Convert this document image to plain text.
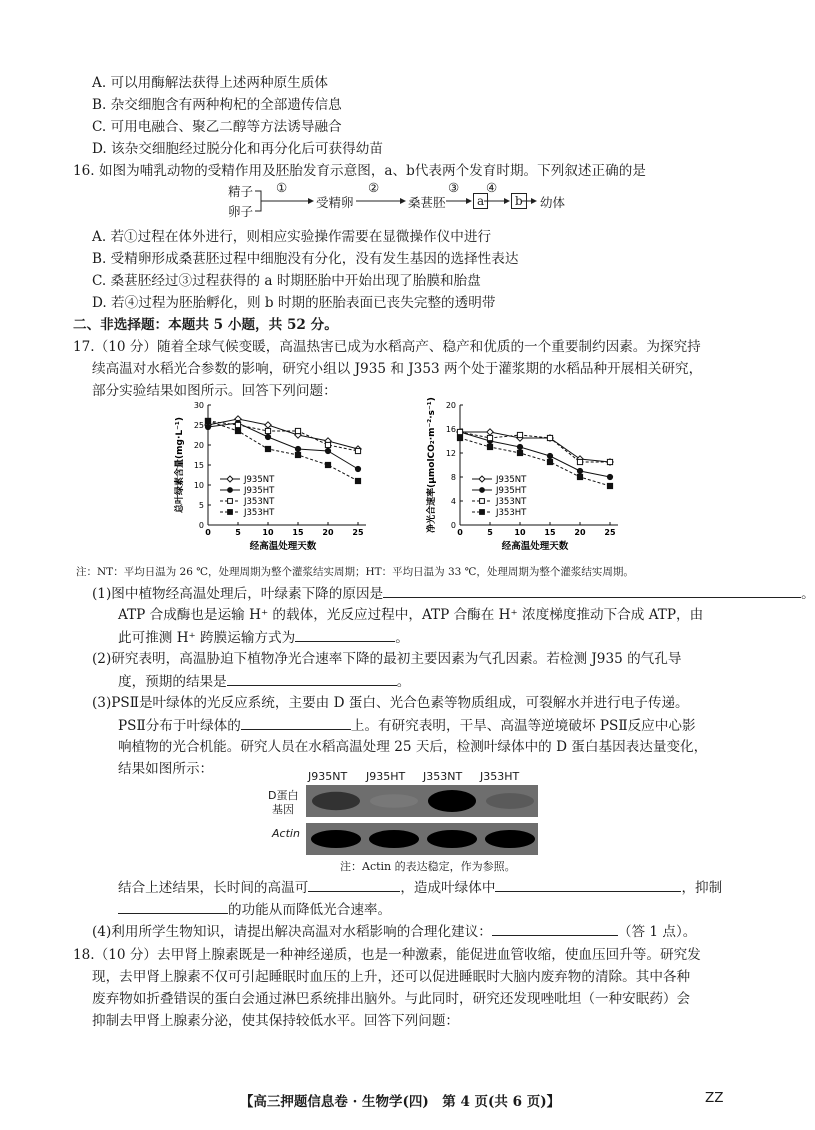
A. 可以用酶解法获得上述两种原生质体
B. 杂交细胞含有两种枸杞的全部遗传信息
C. 可用电融合、聚乙二醇等方法诱导融合
D. 该杂交细胞经过脱分化和再分化后可获得幼苗
16. 如图为哺乳动物的受精作用及胚胎发育示意图，a、b代表两个发育时期。下列叙述正确的是
精子
卵子
①
受精卵
②
桑葚胚
③
a
④
b	幼体
A. 若①过程在体外进行，则相应实验操作需要在显微操作仪中进行
B. 受精卵形成桑葚胚过程中细胞没有分化，没有发生基因的选择性表达
C. 桑葚胚经过③过程获得的 a 时期胚胎中开始出现了胎膜和胎盘
D. 若④过程为胚胎孵化，则 b 时期的胚胎表面已丧失完整的透明带
二、非选择题：本题共 5 小题，共 52 分。
17.（10 分）随着全球气候变暖，高温热害已成为水稻高产、稳产和优质的一个重要制约因素。为探究持
续高温对水稻光合参数的影响，研究小组以 J935 和 J353 两个处于灌浆期的水稻品种开展相关研究，
部分实验结果如图所示。回答下列问题：
0
5
10
15
20
25
30
0	5	10 15 20 25
经高温处理天数
总叶绿素含量(mg·L⁻¹)	J935NT
J935HT
J353NT
J353HT
0
4
8
12
16
20
0	5	10 15 20 25
经高温处理天数
净光合速率(μmolCO₂·m⁻²·s⁻¹)	J935NT
J935HT
J353NT
J353HT
注：NT：平均日温为 26 ℃，处理周期为整个灌浆结实周期；HT：平均日温为 33 ℃，处理周期为整个灌浆结实周期。
(1)图中植物经高温处理后，叶绿素下降的原因是	。
ATP 合成酶也是运输 H⁺ 的载体，光反应过程中，ATP 合酶在 H⁺ 浓度梯度推动下合成 ATP，由
此可推测 H⁺ 跨膜运输方式为	。
(2)研究表明，高温胁迫下植物净光合速率下降的最初主要因素为气孔因素。若检测 J935 的气孔导
度，预期的结果是	。
(3)PSⅡ是叶绿体的光反应系统，主要由 D 蛋白、光合色素等物质组成，可裂解水并进行电子传递。
PSⅡ分布于叶绿体的	上。有研究表明，干旱、高温等逆境破坏 PSⅡ反应中心影
响植物的光合机能。研究人员在水稻高温处理 25 天后，检测叶绿体中的 D 蛋白基因表达量变化，
结果如图所示：	J935NT J935HT J353NT J353HT
D蛋白
基因
Actin
注：Actin 的表达稳定，作为参照。
结合上述结果，长时间的高温可	，造成叶绿体中	，抑制
的功能从而降低光合速率。
(4)利用所学生物知识，请提出解决高温对水稻影响的合理化建议：	（答 1 点）。
18.（10 分）去甲肾上腺素既是一种神经递质，也是一种激素，能促进血管收缩，使血压回升等。研究发
现，去甲肾上腺素不仅可引起睡眠时血压的上升，还可以促进睡眠时大脑内废弃物的清除。其中各种
废弃物如折叠错误的蛋白会通过淋巴系统排出脑外。与此同时，研究还发现唑吡坦（一种安眠药）会
抑制去甲肾上腺素分泌，使其保持较低水平。回答下列问题：
【高三押题信息卷 · 生物学(四)　第 4 页(共 6 页)】	ZZ
